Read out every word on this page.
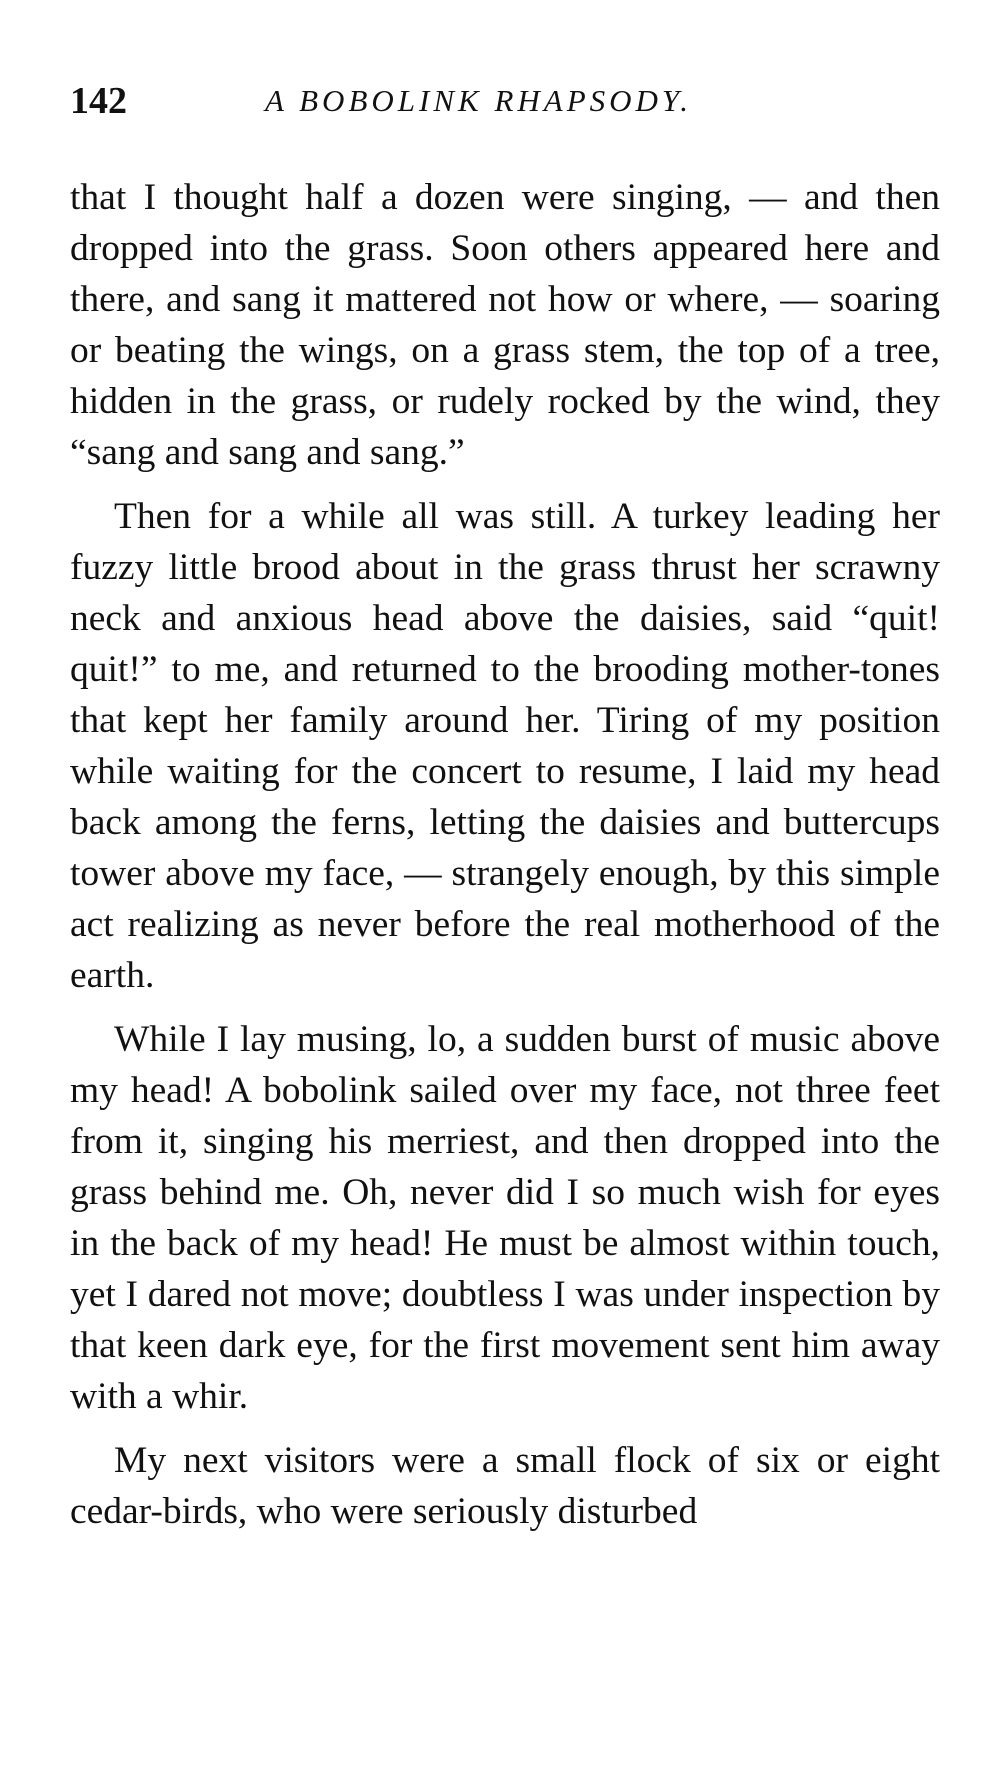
142	A BOBOLINK RHAPSODY.

that I thought half a dozen were singing, — and then dropped into the grass. Soon others appeared here and there, and sang it mattered not how or where, — soaring or beating the wings, on a grass stem, the top of a tree, hidden in the grass, or rudely rocked by the wind, they “sang and sang and sang.”

Then for a while all was still. A turkey leading her fuzzy little brood about in the grass thrust her scrawny neck and anxious head above the daisies, said “quit! quit!” to me, and returned to the brooding mother-tones that kept her family around her. Tiring of my position while waiting for the concert to resume, I laid my head back among the ferns, letting the daisies and buttercups tower above my face, — strangely enough, by this simple act realizing as never before the real motherhood of the earth.

While I lay musing, lo, a sudden burst of music above my head! A bobolink sailed over my face, not three feet from it, singing his merriest, and then dropped into the grass behind me. Oh, never did I so much wish for eyes in the back of my head! He must be almost within touch, yet I dared not move; doubtless I was under inspection by that keen dark eye, for the first movement sent him away with a whir.

My next visitors were a small flock of six or eight cedar-birds, who were seriously disturbed
